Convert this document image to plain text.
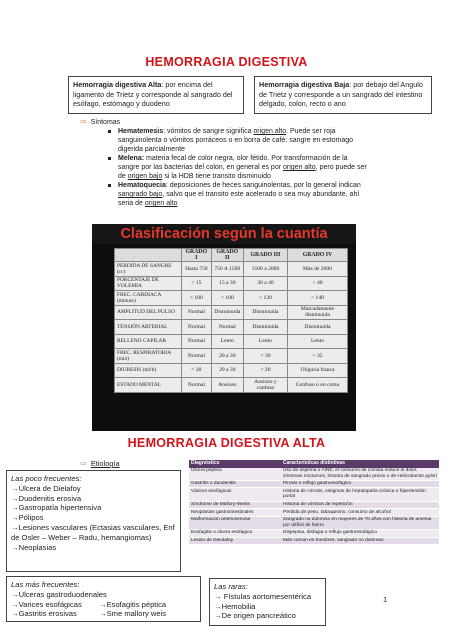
HEMORRAGIA DIGESTIVA
Hemorragia digestiva Alta: por encima del ligamento de Trietz y corresponde al sangrado del esófago, estómago y duodeno
Hemorragia digestiva Baja: por debajo del Angulo de Trietz y corresponde a un sangrado del intestino delgado, colon, recto o ano
⇨ Síntomas
Hematemesis: vómitos de sangre significa origen alto. Puede ser roja sanguinolenta o vómitos porráceos o en borra de café: sangre en estomago digerida parcialmente
Melena: materia fecal de color negra, olor fétido. Por transformación de la sangre por las bacterias del colon, en general es por origen alto, pero puede ser de origen bajo si la HDB tiene transito disminuido
Hematoquecia: deposiciones de heces sanguinolentas, por lo general indican sangrado bajo, salvo que el transito este acelerado o sea muy abundante, ahí seria de origen alto
Clasificación según la cuantía
	GRADO I	GRADO II	GRADO III	GRADO IV
PERDIDA DE SANGRE (cc)	Hasta 750	750 A 1500	1500 a 2000	Más de 2000
PORCENTAJE DE VOLEMIA	< 15	15 a 30	30 a 40	> 40
FREC. CARDIACA (minuto)	< 100	> 100	> 120	> 140
AMPLITUD DEL PULSO	Normal	Disminuida	Disminuida	Marcadamente disminuida
TENSIÓN ARTERIAL	Normal	Normal	Disminuida	Disminuida
RELLENO CAPILAR	Normal	Lento	Lento	Lento
FREC. RESPIRATORIA (min)	Normal	20 a 30	> 30	> 35
DIURESIS (ml/h)	> 30	20 a 30	> 20	Oliguria franca
ESTADO MENTAL	Normal	Ansioso	Ansioso y confuso	Confuso o en coma
HEMORRAGIA DIGESTIVA ALTA
⇨ Etiología	Diagnóstico	Características distintivas
Úlcera péptica	Uso de aspirina o AINE, el consumo de comida reduce el dolor, síntomas nocturnos, historia de sangrado previo o de Helicobacter pylori
Gastritis o duodenitis	Pirosis o reflujo gastroesofágico
Várices esofágicas	Historia de cirrosis, estigmas de hepatopatía crónica o hipertensión portal
Síndrome de Mallory-Weiss	Historia de vómitos de repetición
Neoplasias gastrointestinales	Pérdida de peso, tabaquismo, consumo de alcohol
Malformación arteriovenosa	Sangrado no doloroso en mayores de 70 años con historia de anemia por déficit de hierro
Esofagitis o úlcera esofágica	Dispepsia, disfagia o reflujo gastroesofágico
Lesión de Dieulafoy	Más común en hombres, sangrado no doloroso
Las poco frecuentes:
→Úlcera de Dielafoy
→Duodenitis erosiva
→Gastropatía hipertensiva
→Pólipos
→Lesiones vasculares (Ectasias vasculares, Enf de Osler – Weber – Radu, hemangiomas)
→Neoplasias
Las más frecuentes:
→Ulceras gastroduodenales
→Varices esofágicas	→Esofagitis péptica
→Gastritis erosivas	→Sme mallory weis
Las raras:
→ Fístulas aortomesentérica
→Hemobilia
→De origen pancreático
1
